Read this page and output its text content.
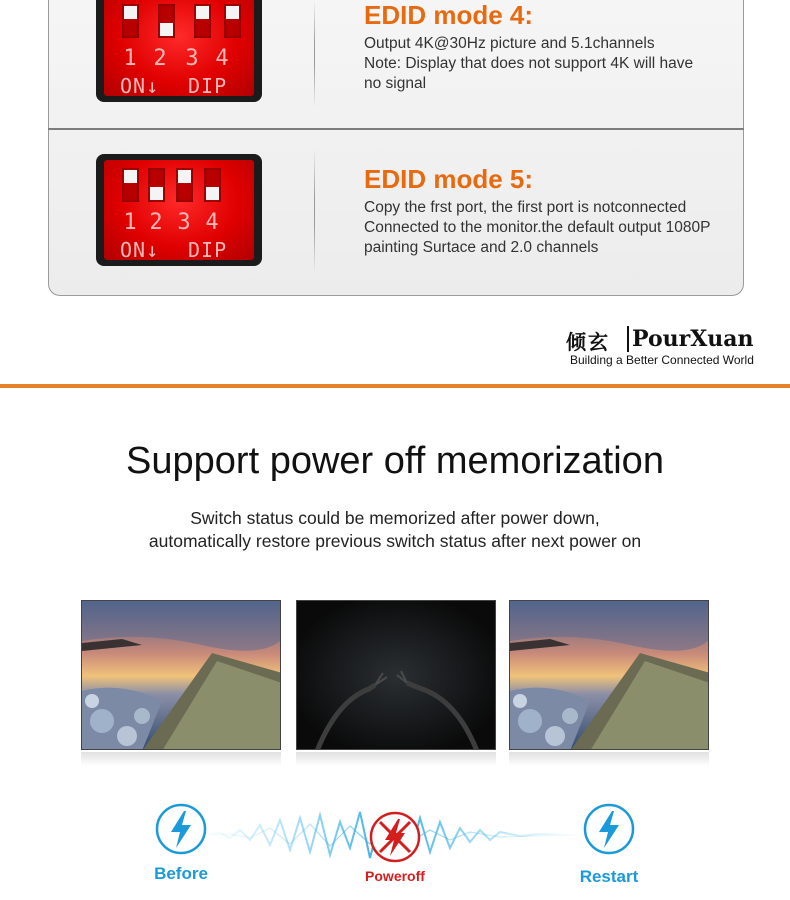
1 2 3 4
ON↓ DIP
EDID mode 4:
Output 4K@30Hz picture and 5.1channels
Note: Display that does not support 4K will have
no signal
1 2 3 4
ON↓ DIP
EDID mode 5:
Copy the frst port, the first port is notconnected
Connected to the monitor.the default output 1080P
painting Surtace and 2.0 channels
倾玄 PourXuan
Building a Better Connected World
Support power off memorization
Switch status could be memorized after power down,
automatically restore previous switch status after next power on
Before	Poweroff	Restart
